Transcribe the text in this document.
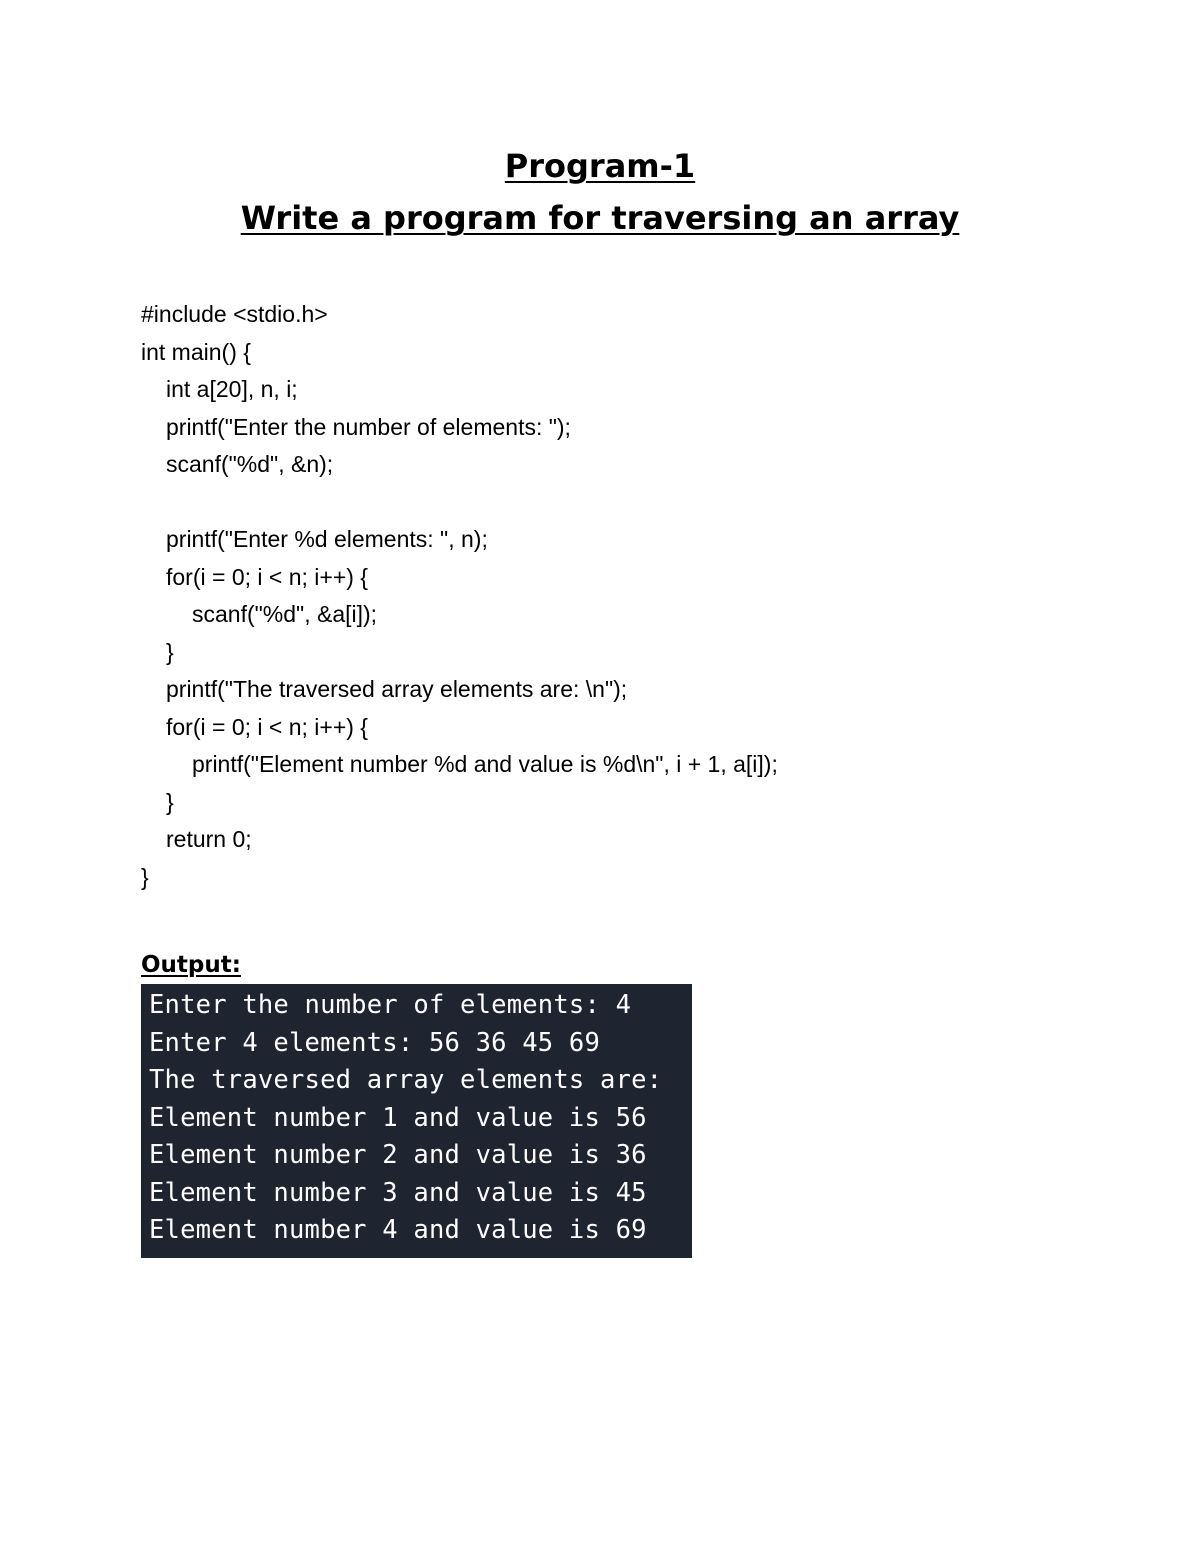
Program-1
Write a program for traversing an array
#include <stdio.h>
int main() {
int a[20], n, i;
printf("Enter the number of elements: ");
scanf("%d", &n);
printf("Enter %d elements: ", n);
for(i = 0; i < n; i++) {
scanf("%d", &a[i]);
}
printf("The traversed array elements are: \n");
for(i = 0; i < n; i++) {
printf("Element number %d and value is %d\n", i + 1, a[i]);
}
return 0;
}
Output:
Enter the number of elements: 4
Enter 4 elements: 56 36 45 69
The traversed array elements are:
Element number 1 and value is 56
Element number 2 and value is 36
Element number 3 and value is 45
Element number 4 and value is 69
